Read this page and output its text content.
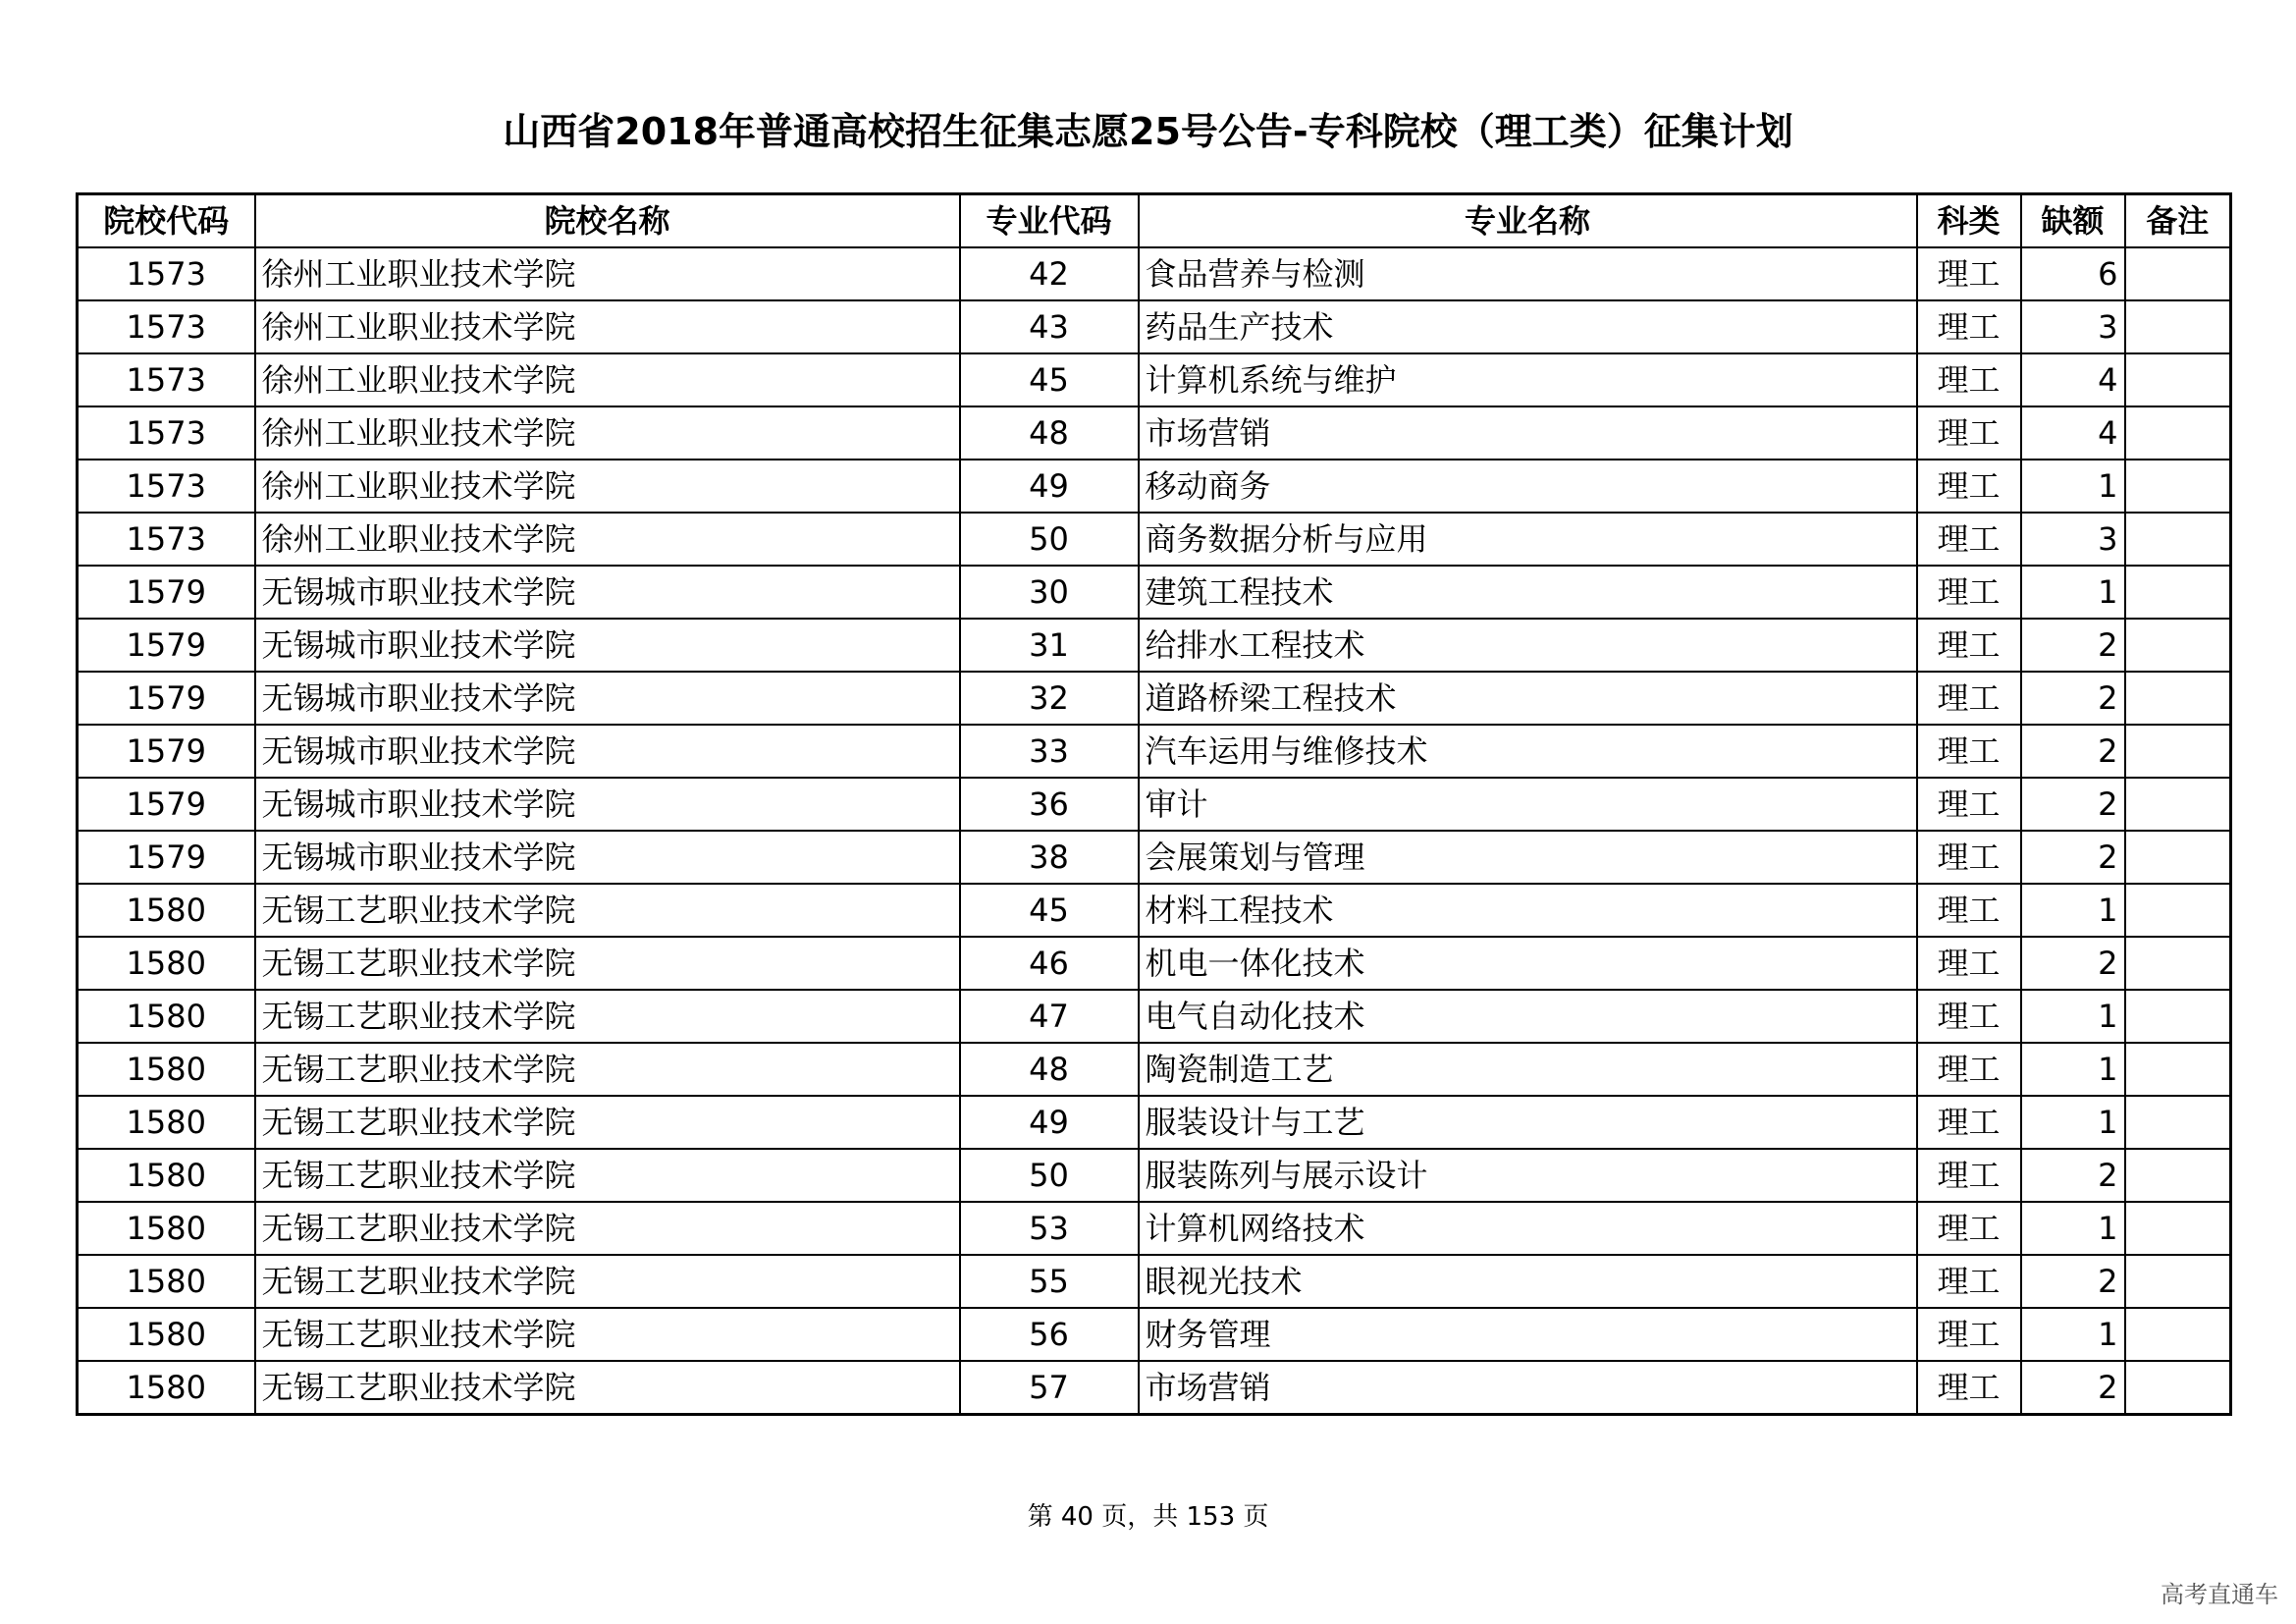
山西省2018年普通高校招生征集志愿25号公告-专科院校（理工类）征集计划
院校代码	院校名称	专业代码	专业名称	科类	缺额	备注
1573	徐州工业职业技术学院	42	食品营养与检测	理工	6	
1573	徐州工业职业技术学院	43	药品生产技术	理工	3	
1573	徐州工业职业技术学院	45	计算机系统与维护	理工	4	
1573	徐州工业职业技术学院	48	市场营销	理工	4	
1573	徐州工业职业技术学院	49	移动商务	理工	1	
1573	徐州工业职业技术学院	50	商务数据分析与应用	理工	3	
1579	无锡城市职业技术学院	30	建筑工程技术	理工	1	
1579	无锡城市职业技术学院	31	给排水工程技术	理工	2	
1579	无锡城市职业技术学院	32	道路桥梁工程技术	理工	2	
1579	无锡城市职业技术学院	33	汽车运用与维修技术	理工	2	
1579	无锡城市职业技术学院	36	审计	理工	2	
1579	无锡城市职业技术学院	38	会展策划与管理	理工	2	
1580	无锡工艺职业技术学院	45	材料工程技术	理工	1	
1580	无锡工艺职业技术学院	46	机电一体化技术	理工	2	
1580	无锡工艺职业技术学院	47	电气自动化技术	理工	1	
1580	无锡工艺职业技术学院	48	陶瓷制造工艺	理工	1	
1580	无锡工艺职业技术学院	49	服装设计与工艺	理工	1	
1580	无锡工艺职业技术学院	50	服装陈列与展示设计	理工	2	
1580	无锡工艺职业技术学院	53	计算机网络技术	理工	1	
1580	无锡工艺职业技术学院	55	眼视光技术	理工	2	
1580	无锡工艺职业技术学院	56	财务管理	理工	1	
1580	无锡工艺职业技术学院	57	市场营销	理工	2	
第 40 页，共 153 页
高考直通车
